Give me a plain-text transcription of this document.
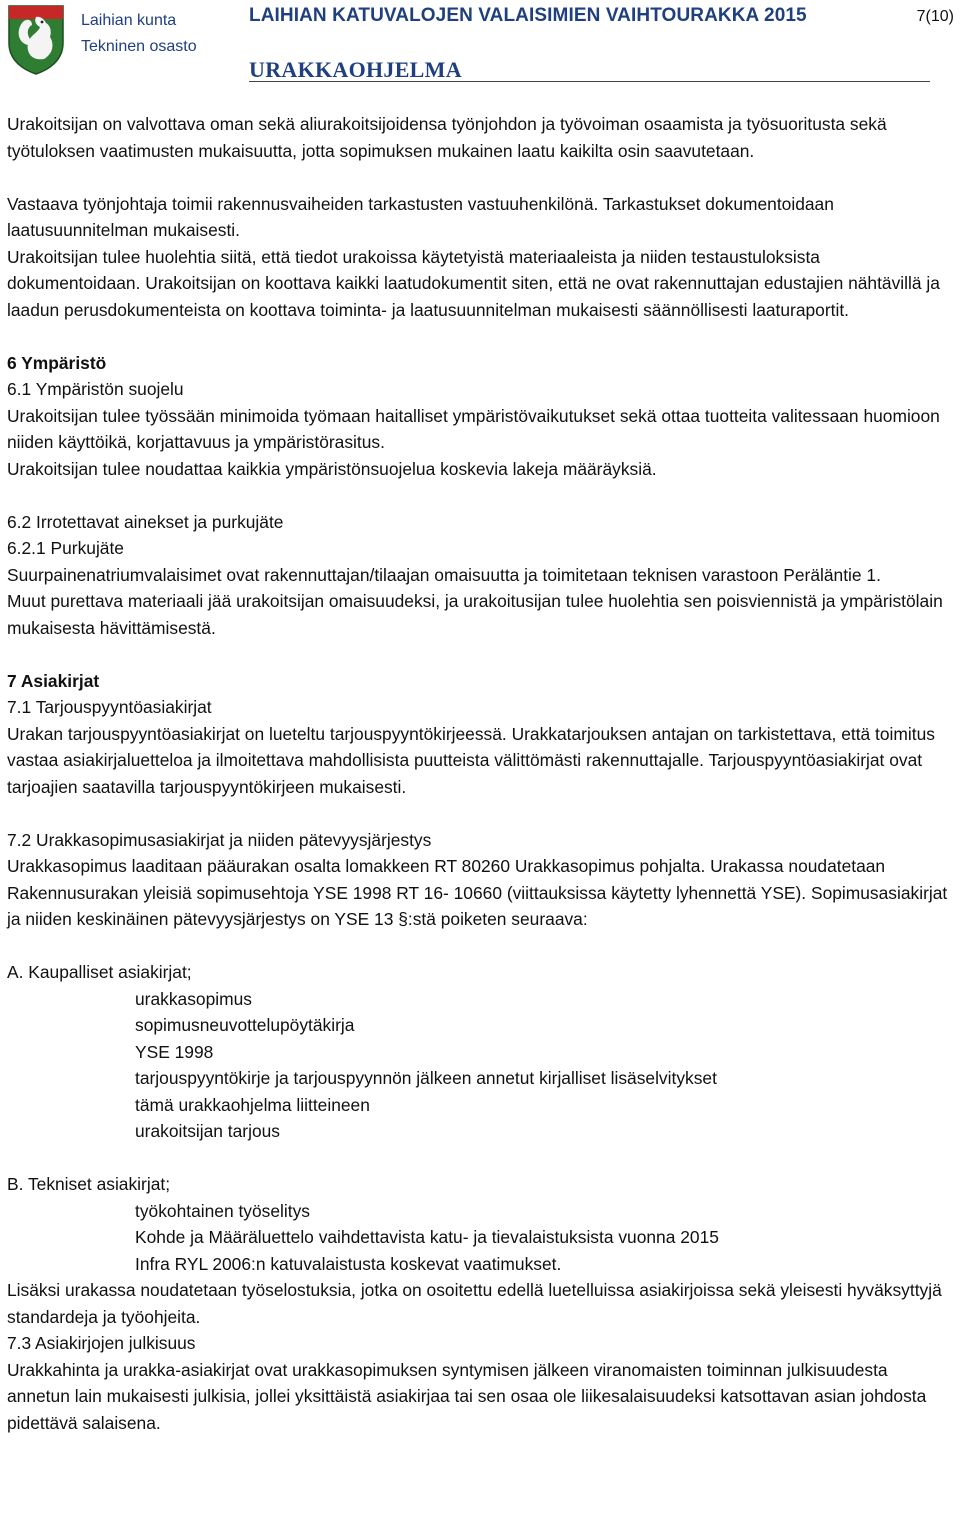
Laihian kunta
Tekninen osasto
LAIHIAN KATUVALOJEN VALAISIMIEN VAIHTOURAKKA 2015	7(10)
URAKKAOHJELMA

Urakoitsijan on valvottava oman sekä aliurakoitsijoidensa työnjohdon ja työvoiman osaamista ja työsuoritusta sekä työtuloksen vaatimusten mukaisuutta, jotta sopimuksen mukainen laatu kaikilta osin saavutetaan.

Vastaava työnjohtaja toimii rakennusvaiheiden tarkastusten vastuuhenkilönä. Tarkastukset dokumentoidaan laatusuunnitelman mukaisesti.

Urakoitsijan tulee huolehtia siitä, että tiedot urakoissa käytetyistä materiaaleista ja niiden testaustuloksista dokumentoidaan. Urakoitsijan on koottava kaikki laatudokumentit siten, että ne ovat rakennuttajan edustajien nähtävillä ja laadun perusdokumenteista on koottava toiminta- ja laatusuunnitelman mukaisesti säännöllisesti laaturaportit.

6 Ympäristö

6.1 Ympäristön suojelu

Urakoitsijan tulee työssään minimoida työmaan haitalliset ympäristövaikutukset sekä ottaa tuotteita valitessaan huomioon niiden käyttöikä, korjattavuus ja ympäristörasitus.

Urakoitsijan tulee noudattaa kaikkia ympäristönsuojelua koskevia lakeja määräyksiä.

6.2 Irrotettavat ainekset ja purkujäte

6.2.1 Purkujäte

Suurpainenatriumvalaisimet ovat rakennuttajan/tilaajan omaisuutta ja toimitetaan teknisen varastoon Peräläntie 1.

Muut purettava materiaali jää urakoitsijan omaisuudeksi, ja urakoitusijan tulee huolehtia sen poisviennistä ja ympäristölain mukaisesta hävittämisestä.

7 Asiakirjat

7.1 Tarjouspyyntöasiakirjat

Urakan tarjouspyyntöasiakirjat on lueteltu tarjouspyyntökirjeessä. Urakkatarjouksen antajan on tarkistettava, että toimitus vastaa asiakirjaluetteloa ja ilmoitettava mahdollisista puutteista välittömästi rakennuttajalle. Tarjouspyyntöasiakirjat ovat tarjoajien saatavilla tarjouspyyntökirjeen mukaisesti.

7.2 Urakkasopimusasiakirjat ja niiden pätevyysjärjestys

Urakkasopimus laaditaan pääurakan osalta lomakkeen RT 80260 Urakkasopimus pohjalta. Urakassa noudatetaan Rakennusurakan yleisiä sopimusehtoja YSE 1998 RT 16- 10660 (viittauksissa käytetty lyhennettä YSE). Sopimusasiakirjat ja niiden keskinäinen pätevyysjärjestys on YSE 13 §:stä poiketen seuraava:

A. Kaupalliset asiakirjat;

urakkasopimus

sopimusneuvottelupöytäkirja

YSE 1998

tarjouspyyntökirje ja tarjouspyynnön jälkeen annetut kirjalliset lisäselvitykset

tämä urakkaohjelma liitteineen

urakoitsijan tarjous

B. Tekniset asiakirjat;

työkohtainen työselitys

Kohde ja Määräluettelo vaihdettavista katu- ja tievalaistuksista vuonna 2015

Infra RYL 2006:n katuvalaistusta koskevat vaatimukset.

Lisäksi urakassa noudatetaan työselostuksia, jotka on osoitettu edellä luetelluissa asiakirjoissa sekä yleisesti hyväksyttyjä standardeja ja työohjeita.

7.3 Asiakirjojen julkisuus

Urakkahinta ja urakka-asiakirjat ovat urakkasopimuksen syntymisen jälkeen viranomaisten toiminnan julkisuudesta annetun lain mukaisesti julkisia, jollei yksittäistä asiakirjaa tai sen osaa ole liikesalaisuudeksi katsottavan asian johdosta pidettävä salaisena.
